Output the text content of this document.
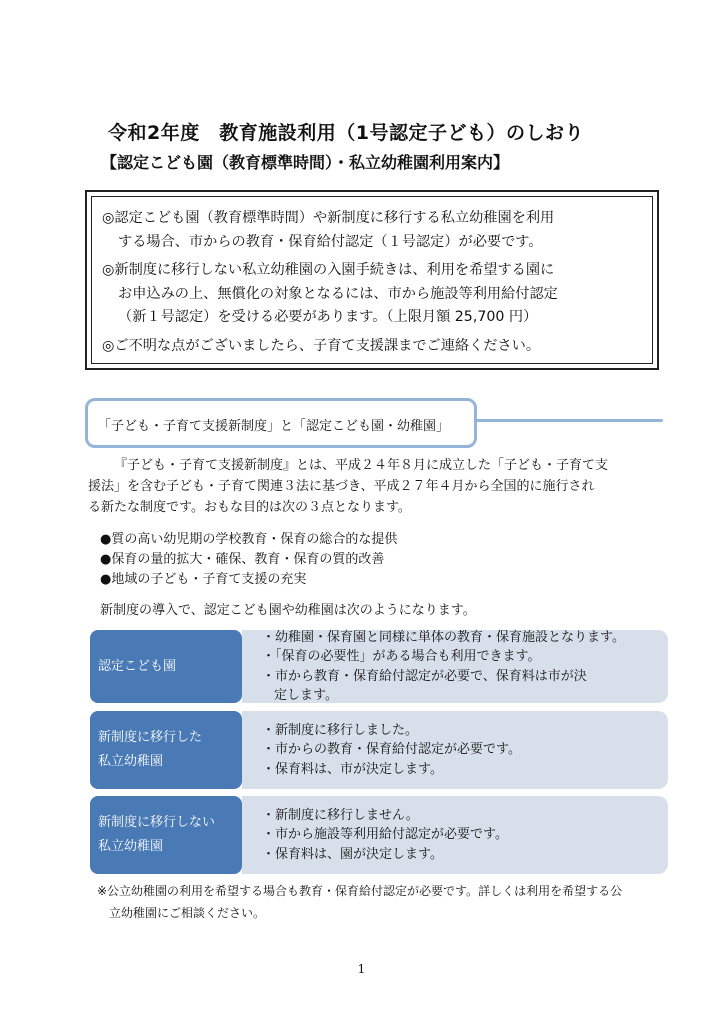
令和2年度　教育施設利用（1号認定子ども）のしおり
【認定こども園（教育標準時間）・私立幼稚園利用案内】

◎認定こども園（教育標準時間）や新制度に移行する私立幼稚園を利用
する場合、市からの教育・保育給付認定（１号認定）が必要です。

◎新制度に移行しない私立幼稚園の入園手続きは、利用を希望する園に
お申込みの上、無償化の対象となるには、市から施設等利用給付認定
（新１号認定）を受ける必要があります。（上限月額 25,700 円）

◎ご不明な点がございましたら、子育て支援課までご連絡ください。

「子ども・子育て支援新制度」と「認定こども園・幼稚園」
『子ども・子育て支援新制度』とは、平成２４年８月に成立した「子ども・子育て支
援法」を含む子ども・子育て関連３法に基づき、平成２７年４月から全国的に施行され
る新たな制度です。おもな目的は次の３点となります。
●質の高い幼児期の学校教育・保育の総合的な提供
●保育の量的拡大・確保、教育・保育の質的改善
●地域の子ども・子育て支援の充実

新制度の導入で、認定こども園や幼稚園は次のようになります。

認定こども園
・幼稚園・保育園と同様に単体の教育・保育施設となります。
・「保育の必要性」がある場合も利用できます。
・市から教育・保育給付認定が必要で、保育料は市が決
定します。
新制度に移行した
私立幼稚園
・新制度に移行しました。
・市からの教育・保育給付認定が必要です。
・保育料は、市が決定します。
新制度に移行しない
私立幼稚園
・新制度に移行しません。
・市から施設等利用給付認定が必要です。
・保育料は、園が決定します。
※公立幼稚園の利用を希望する場合も教育・保育給付認定が必要です。詳しくは利用を希望する公
立幼稚園にご相談ください。
1
